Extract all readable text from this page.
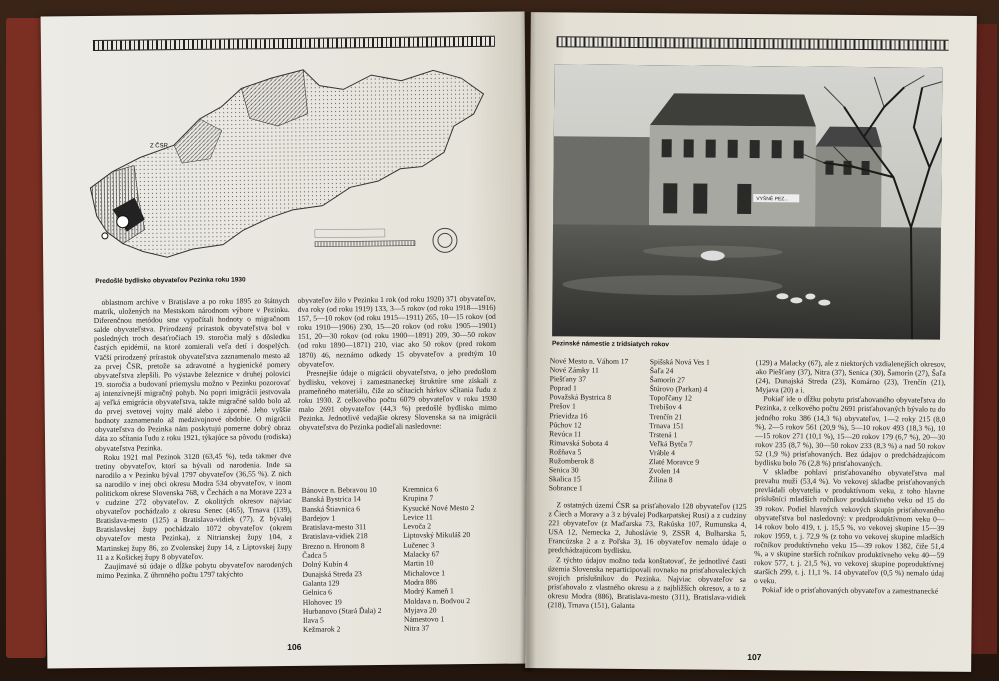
Z ČSR
Predošlé bydlisko obyvateľov Pezinka roku 1930

oblastnom archíve v Bratislave a po roku 1895 zo štátnych matrík, uložených na Mestskom národnom výbore v Pezinku. Diferenčnou metódou sme vypočítali hodnoty o migračnom salde obyvateľstva. Prirodzený prírastok obyvateľstva bol v posledných troch desaťročiach 19. storočia malý s dôsledku častých epidémií, na ktoré zomierali veľa detí i dospelých. Väčší prirodzený prírastok obyvateľstva zaznamenalo mesto až za prvej ČSR, pretože sa zdravotné a hygienické pomery obyvateľstva zlepšili. Po výstavbe železnice v druhej polovici 19. storočia a budovaní priemyslu možno v Pezinku pozorovať aj intenzívnejší migračný pohyb. No popri imigrácii jestvovala aj veľká emigrácia obyvateľstva, takže migračné saldo bolo až do prvej svetovej vojny malé alebo i záporné. Jeho vyššie hodnoty zaznamenalo až medzivojnové obdobie. O migrácii obyvateľstva do Pezinka nám poskytujú pomerne dobrý obraz dáta zo sčítania ľudu z roku 1921, týkajúce sa pôvodu (rodiska) obyvateľstva Pezinka.

Roku 1921 mal Pezinok 3120 (63,45 %), teda takmer dve tretiny obyvateľov, ktorí sa bývali od narodenia. Inde sa narodilo a v Pezinku býval 1797 obyvateľov (36,55 %). Z nich sa narodilo v inej obci okresu Modra 534 obyvateľov, v inom politickom okrese Slovenska 768, v Čechách a na Morave 223 a v cudzine 272 obyvateľov. Z okolitých okresov najviac obyvateľov pochádzalo z okresu Senec (465), Trnava (139), Bratislava-mesto (125) a Bratislava-vidiek (77). Z bývalej Bratislavskej župy pochádzalo 1072 obyvateľov (okrem obyvateľov mesta Pezinka), z Nitrianskej župy 104, z Martinskej župy 86, zo Zvolenskej župy 14, z Liptovskej župy 11 a z Košickej župy 8 obyvateľov.

Zaujímavé sú údaje o dĺžke pobytu obyvateľov narodených mimo Pezinka. Z úhrnného počtu 1797 takýchto

obyvateľov žilo v Pezinku 1 rok (od roku 1920) 371 obyvateľov, dva roky (od roku 1919) 133, 3—5 rokov (od roku 1918—1916) 157, 5—10 rokov (od roku 1915—1911) 265, 10—15 rokov (od roku 1910—1906) 230, 15—20 rokov (od roku 1905—1901) 151, 20—30 rokov (od roku 1900—1891) 209, 30—50 rokov (od roku 1890—1871) 210, viac ako 50 rokov (pred rokom 1870) 46, neznámo odkedy 15 obyvateľov a predtým 10 obyvateľov.

Presnejšie údaje o migrácii obyvateľstva, o jeho predošlom bydlisku, vekovej i zamestnaneckej štruktúre sme získali z prameňného materiálu, čiže zo sčítacích hárkov sčítania ľudu z roku 1930. Z celkového počtu 6079 obyvateľov v roku 1930 malo 2691 obyvateľov (44,3 %) predošlé bydlisko mimo Pezinka. Jednotlivé vedajšie okresy Slovenska sa na imigrácii obyvateľstva do Pezinka podieľali nasledovne:

Bánovce n. Bebravou 10	Kremnica 6
Banská Bystrica 14	Krupina 7
Banská Štiavnica 6	Kysucké Nové Mesto 2
Bardejov 1	Levice 11
Bratislava-mesto 311	Levoča 2
Bratislava-vidiek 218	Liptovský Mikuláš 20
Brezno n. Hronom 8	Lučenec 3
Čadca 5	Malacky 67
Dolný Kubín 4	Martin 10
Dunajská Streda 23	Michalovce 1
Galanta 129	Modra 886
Gelnica 6	Modrý Kameň 1
Hlohovec 19	Moldava n. Bodvou 2
Hurbanovo (Stará Ďala) 2	Myjava 20
Ilava 5	Námestovo 1
Kežmarok 2	Nitra 37
106
VYŠNÉ PEZ...
Pezinské námestie z tridsiatych rokov
Nové Mesto n. Váhom 17
Nové Zámky 11
Piešťany 37
Poprad 1
Považská Bystrica 8
Prešov 1
Prievidza 16
Púchov 12
Revúca 11
Rimavská Sobota 4
Rožňava 5
Ružomberok 8
Senica 30
Skalica 15
Sobrance 1
Spišská Nová Ves 1
Šaľa 24
Šamorín 27
Štúrovo (Parkan) 4
Topoľčany 12
Trebišov 4
Trenčín 21
Trnava 151
Trstená 1
Veľká Bytča 7
Vráble 4
Zlaté Moravce 9
Zvolen 14
Žilina 8

Z ostatných území ČSR sa prisťahovalo 128 obyvateľov (125 z Čiech a Moravy a 3 z bývalej Podkarpatskej Rusi) a z cudziny 221 obyvateľov (z Maďarska 73, Rakúska 107, Rumunska 4, USA 12, Nemecka 2, Juhoslávie 9, ZSSR 4, Bulharska 5, Francúzska 2 a z Poľska 3), 16 obyvateľov nemalo údaje o predchádzajúcom bydlisku.

Z týchto údajov možno teda konštatovať, že jednotlivé časti územia Slovenska neparticipovali rovnako na prisťahovaleckých svojich príslušníkov do Pezinka. Najviac obyvateľov sa prisťahovalo z vlastného okresu a z najbližších okresov, a to z okresu Modra (886), Bratislava-mesto (311), Bratislava-vidiek (218), Trnava (151), Galanta

(129) a Malacky (67), ale z niektorých vzdialenejších okresov, ako Piešťany (37), Nitra (37), Senica (30), Šamorín (27), Šaľa (24), Dunajská Streda (23), Komárno (23), Trenčín (21), Myjava (20) a i.

Pokiaľ ide o dĺžku pobytu prisťahovaného obyvateľstva do Pezinka, z celkového počtu 2691 prisťahovaných bývalo tu do jedného roku 386 (14,3 %) obyvateľov, 1—2 roky 215 (8,0 %), 2—5 rokov 561 (20,9 %), 5—10 rokov 493 (18,3 %), 10—15 rokov 271 (10,1 %), 15—20 rokov 179 (6,7 %), 20—30 rokov 235 (8,7 %), 30—50 rokov 233 (8,3 %) a nad 50 rokov 52 (1,9 %) prisťahovaných. Bez údajov o predchádzajúcom bydlisku bolo 76 (2,8 %) prisťahovaných.

V skladbe pohlaví prisťahovaného obyvateľstva mal prevahu muži (53,4 %). Vo vekovej skladbe prisťahovaných prevládali obyvatelia v produktívnom veku, z toho hlavne príslušníci mladších ročníkov produktívneho veku od 15 do 39 rokov. Podiel hlavných vekových skupín prisťahovaného obyvateľstva bol nasledovný: v predproduktívnom veku 0—14 rokov bolo 419, t. j. 15,5 %, vo vekovej skupine 15—39 rokov 1959, t. j. 72,9 % (z toho vo vekovej skupine mladších ročníkov produktívneho veku 15—39 rokov 1382, čiže 51,4 %, a v skupine starších ročníkov produktívneho veku 40—59 rokov 577, t. j. 21,5 %), vo vekovej skupine poproduktívnej starších 299, t. j. 11,1 %. 14 obyvateľov (0,5 %) nemalo údaj o veku.

Pokiaľ ide o prisťahovaných obyvateľov a zamestnanecké

107
